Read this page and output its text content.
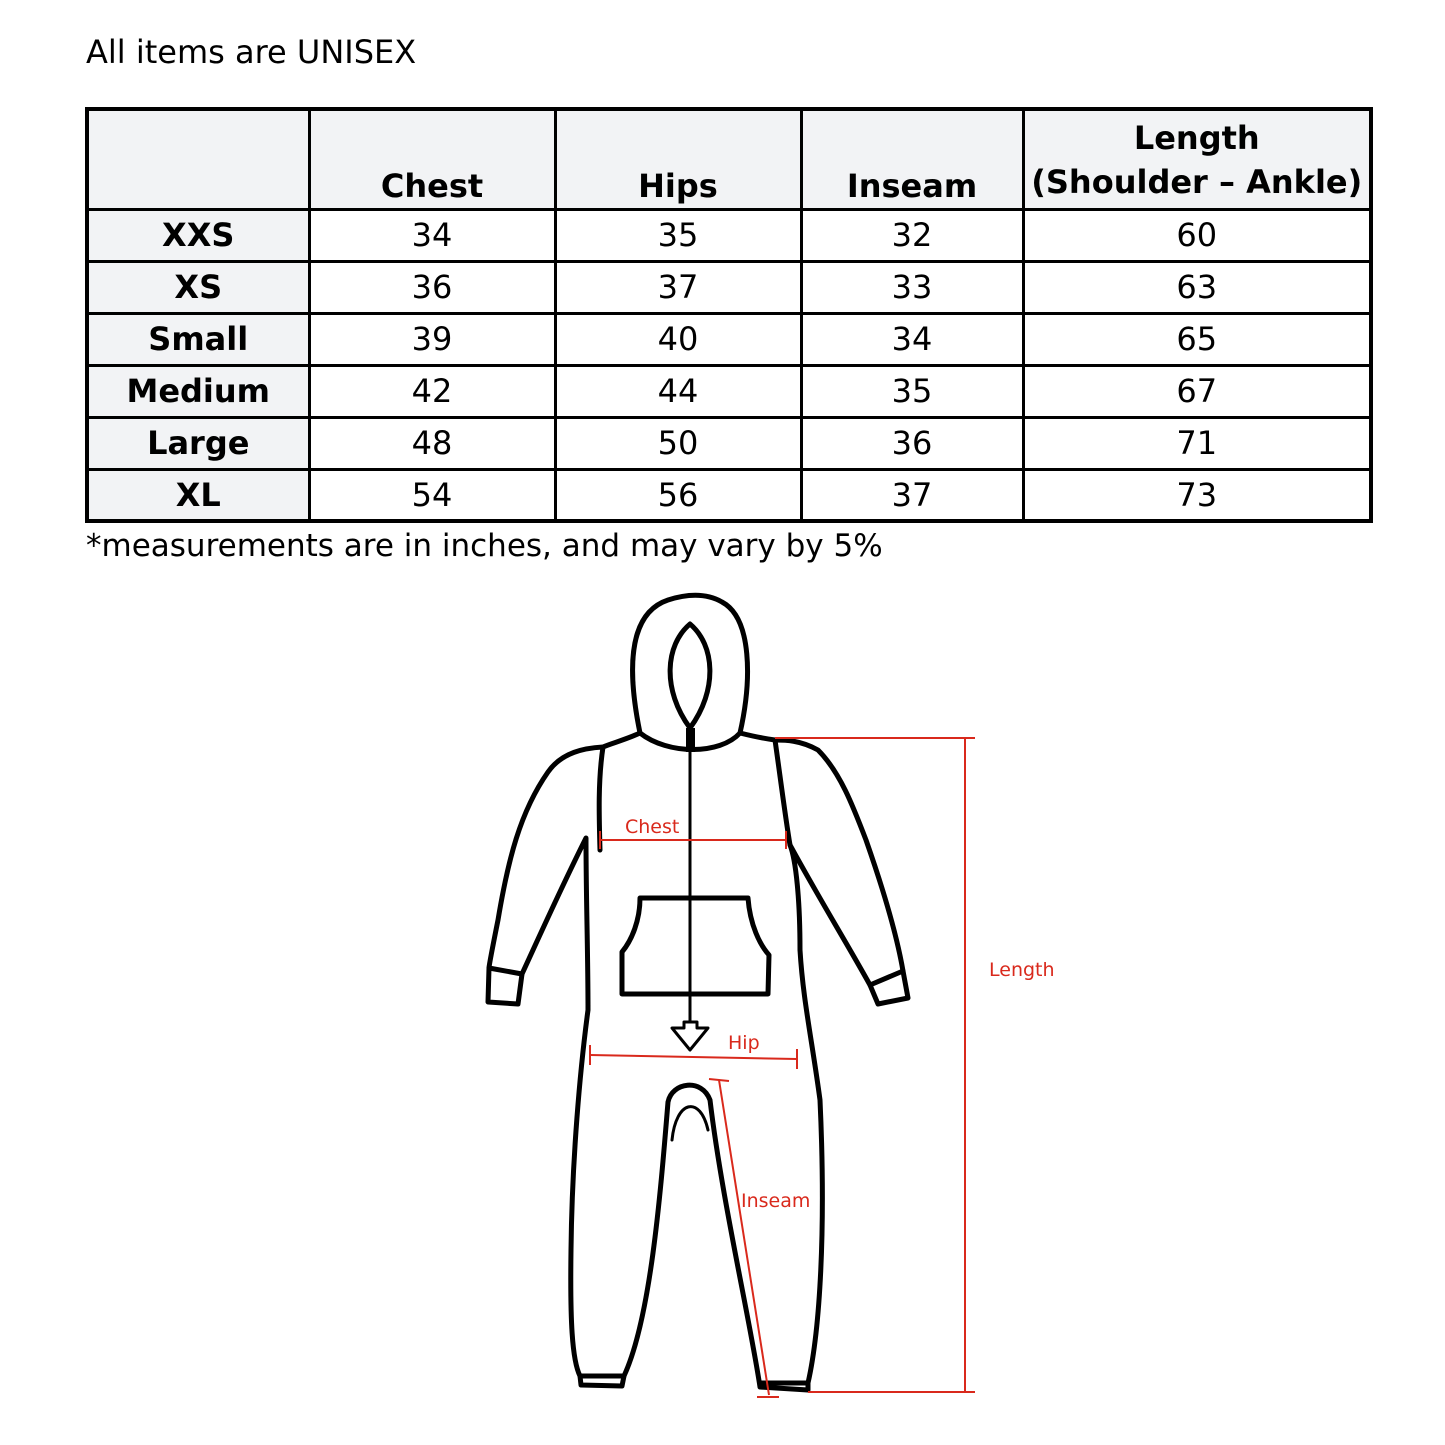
All items are UNISEX
	Chest	Hips	Inseam	Length
(Shoulder – Ankle)

XXS	34	35	32	60
XS	36	37	33	63
Small	39	40	34	65
Medium	42	44	35	67
Large	48	50	36	71
XL	54	56	37	73
*measurements are in inches, and may vary by 5%
Chest
Hip
Inseam
Length
